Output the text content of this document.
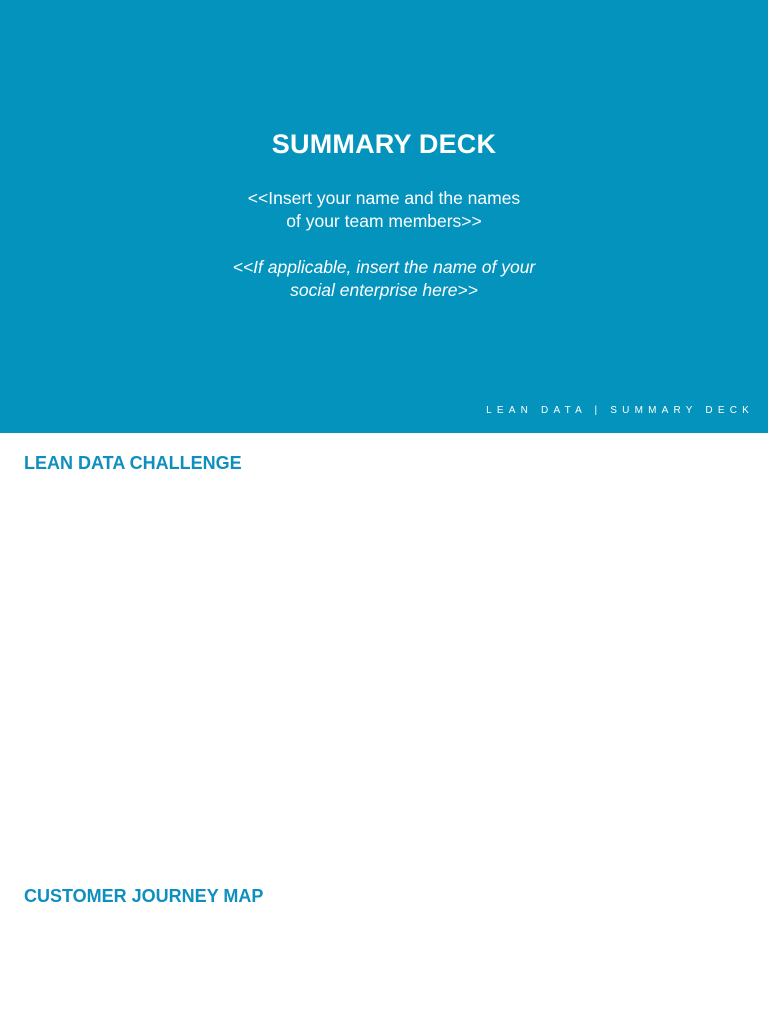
SUMMARY DECK
<<Insert your name and the names
of your team members>>
<<If applicable, insert the name of your
social enterprise here>>
LEAN DATA | SUMMARY DECK
LEAN DATA CHALLENGE
CUSTOMER JOURNEY MAP
